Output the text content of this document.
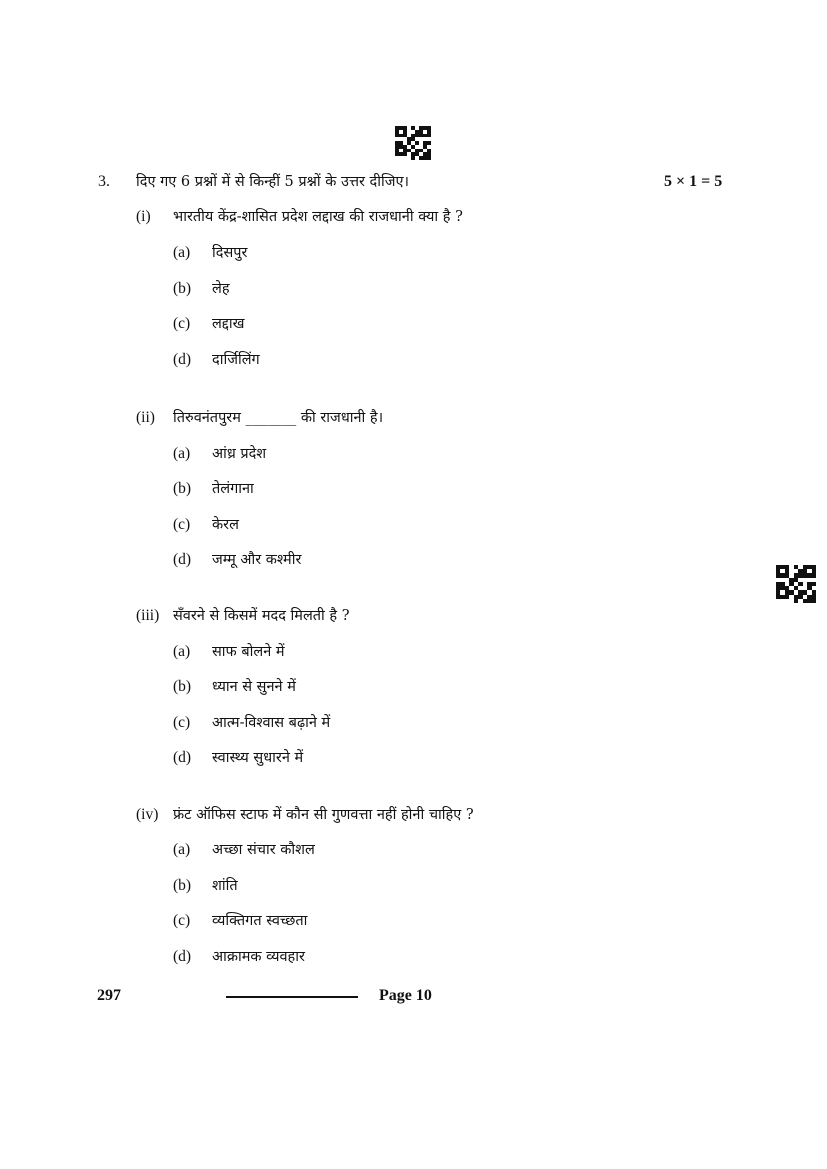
3. दिए गए 6 प्रश्नों में से किन्हीं 5 प्रश्नों के उत्तर दीजिए।	5 × 1 = 5
(i) भारतीय केंद्र-शासित प्रदेश लद्दाख की राजधानी क्या है ?
(a) दिसपुर
(b) लेह
(c) लद्दाख
(d) दार्जिलिंग
(ii) तिरुवनंतपुरम _______ की राजधानी है।
(a) आंध्र प्रदेश
(b) तेलंगाना
(c) केरल
(d) जम्मू और कश्मीर
(iii) सँवरने से किसमें मदद मिलती है ?
(a) साफ बोलने में
(b) ध्यान से सुनने में
(c) आत्म-विश्वास बढ़ाने में
(d) स्वास्थ्य सुधारने में
(iv) फ्रंट ऑफिस स्टाफ में कौन सी गुणवत्ता नहीं होनी चाहिए ?
(a) अच्छा संचार कौशल
(b) शांति
(c) व्यक्तिगत स्वच्छता
(d) आक्रामक व्यवहार
297	Page 10
